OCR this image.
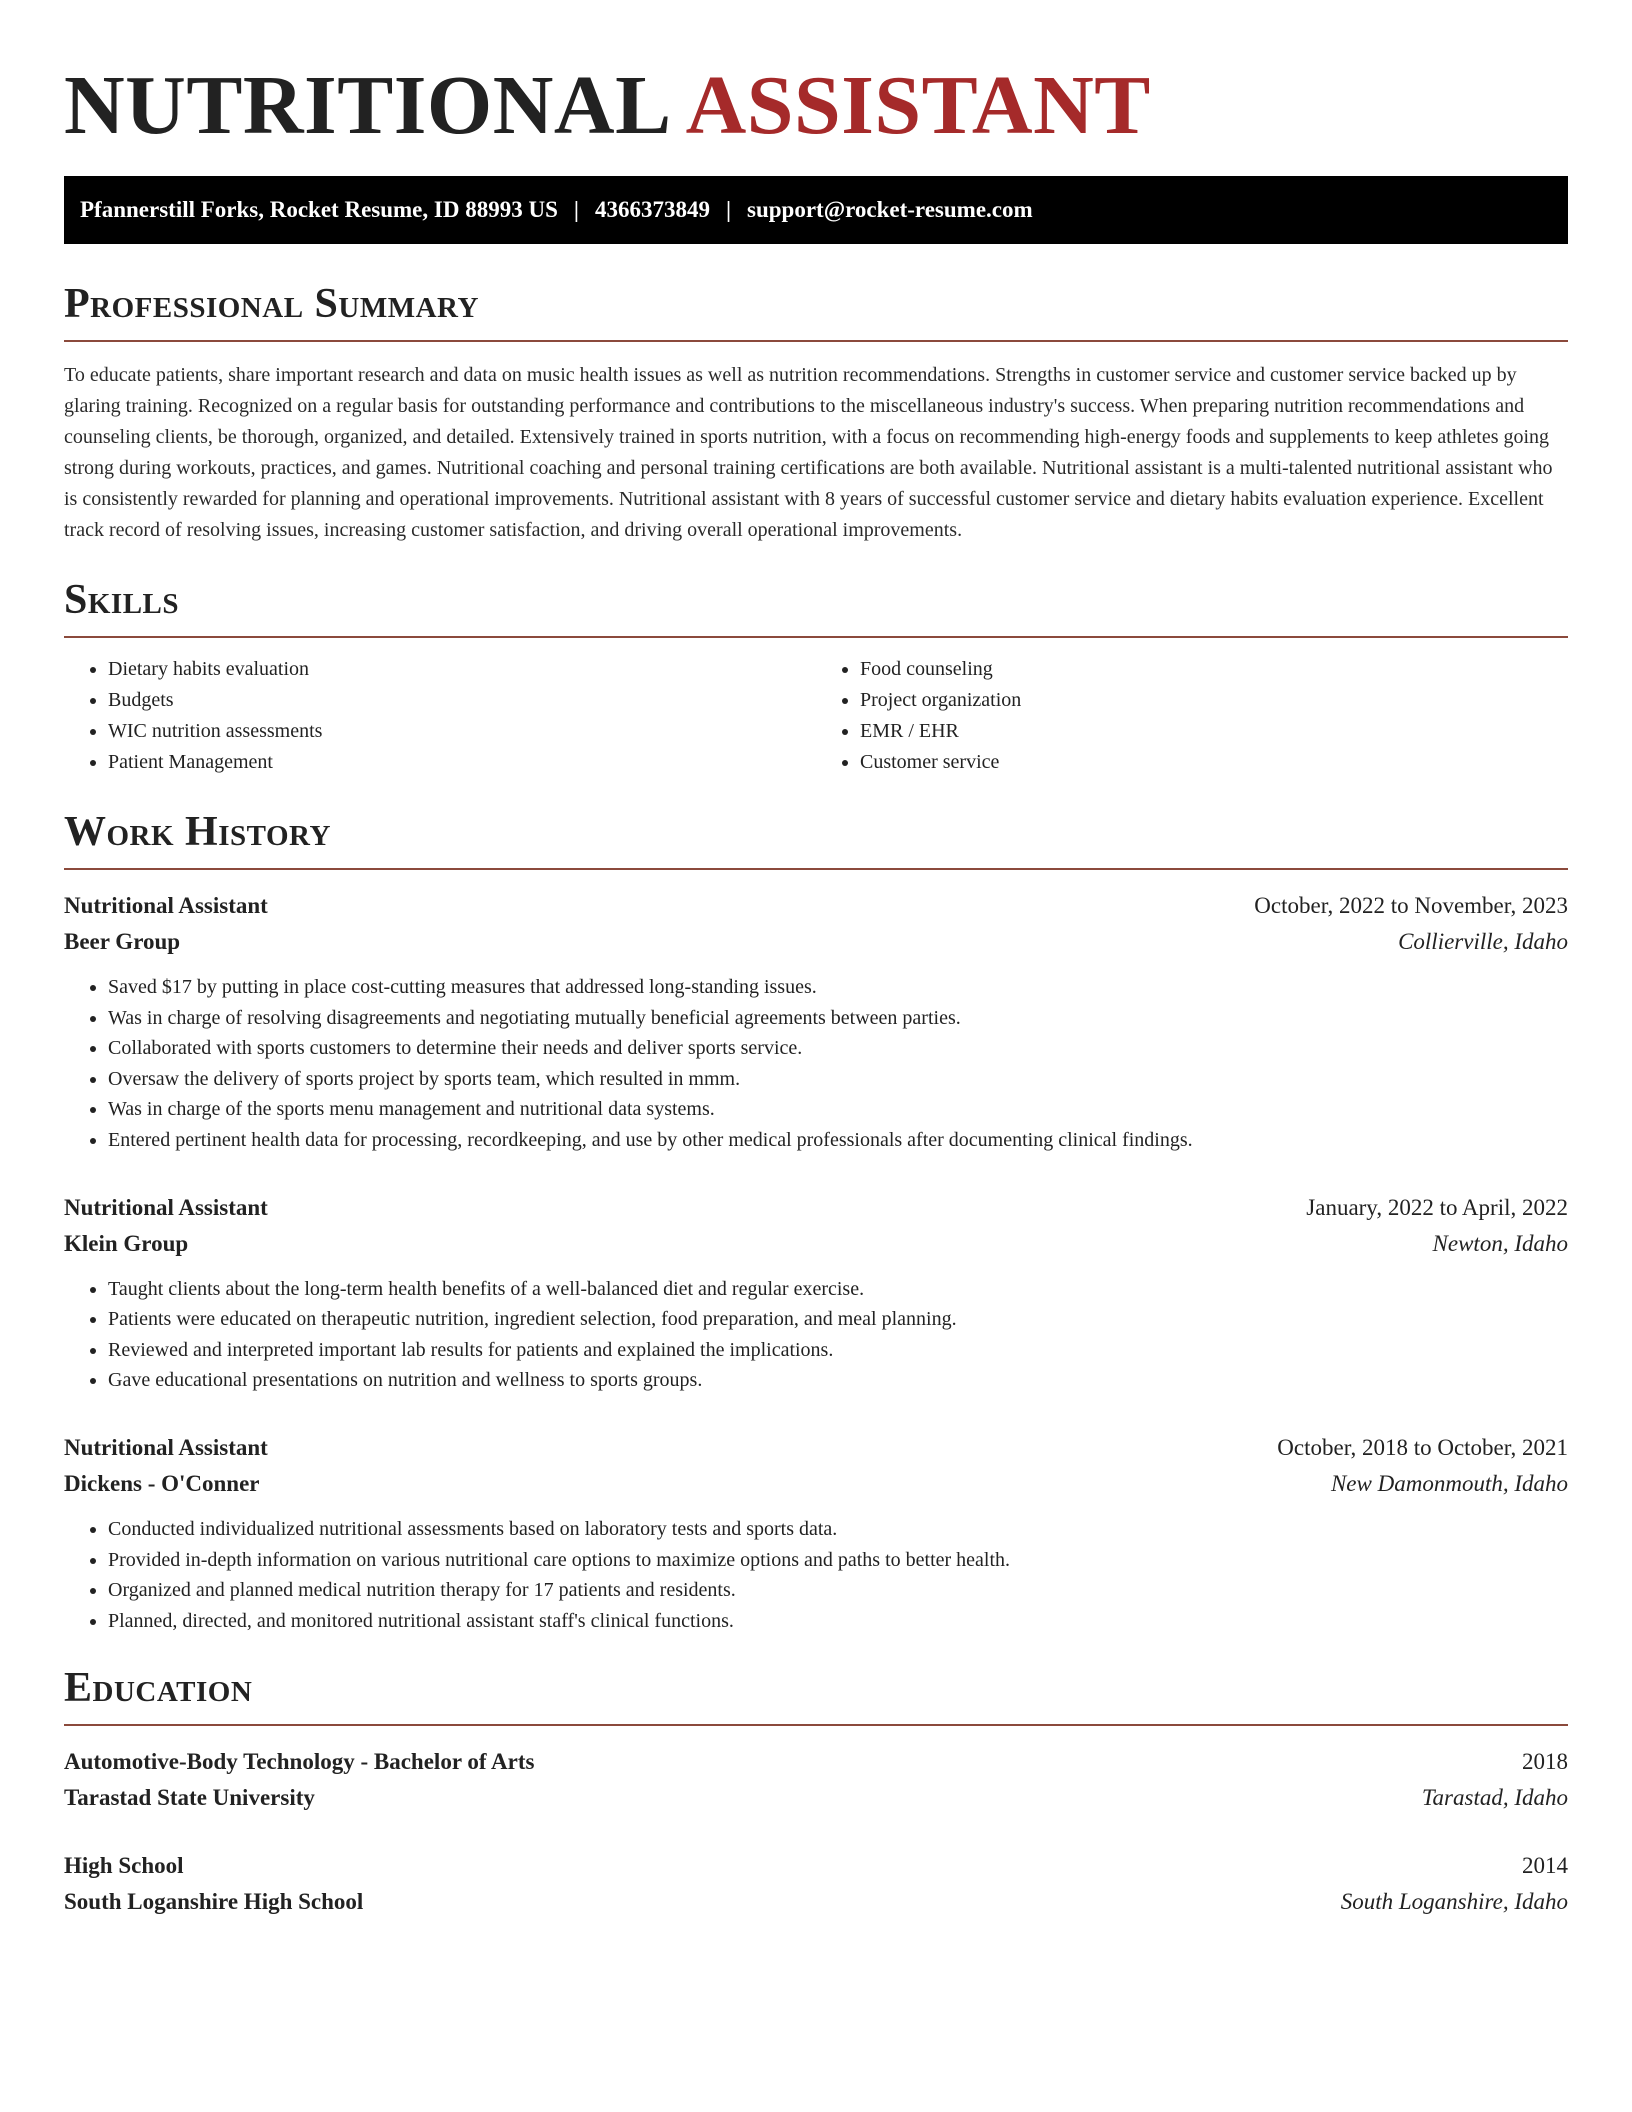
NUTRITIONAL ASSISTANT
Pfannerstill Forks, Rocket Resume, ID 88993 US | 4366373849 | support@rocket-resume.com
Professional Summary

To educate patients, share important research and data on music health issues as well as nutrition recommendations. Strengths in customer service and customer service backed up by glaring training. Recognized on a regular basis for outstanding performance and contributions to the miscellaneous industry's success. When preparing nutrition recommendations and counseling clients, be thorough, organized, and detailed. Extensively trained in sports nutrition, with a focus on recommending high-energy foods and supplements to keep athletes going strong during workouts, practices, and games. Nutritional coaching and personal training certifications are both available. Nutritional assistant is a multi-talented nutritional assistant who is consistently rewarded for planning and operational improvements. Nutritional assistant with 8 years of successful customer service and dietary habits evaluation experience. Excellent track record of resolving issues, increasing customer satisfaction, and driving overall operational improvements.

Skills
• Dietary habits evaluation
• Budgets
• WIC nutrition assessments
• Patient Management
• Food counseling
• Project organization
• EMR / EHR
• Customer service
Work History
Nutritional Assistant	October, 2022 to November, 2023
Beer Group	Collierville, Idaho
• Saved $17 by putting in place cost-cutting measures that addressed long-standing issues.
• Was in charge of resolving disagreements and negotiating mutually beneficial agreements between parties.
• Collaborated with sports customers to determine their needs and deliver sports service.
• Oversaw the delivery of sports project by sports team, which resulted in mmm.
• Was in charge of the sports menu management and nutritional data systems.
• Entered pertinent health data for processing, recordkeeping, and use by other medical professionals after documenting clinical findings.
Nutritional Assistant	January, 2022 to April, 2022
Klein Group	Newton, Idaho
• Taught clients about the long-term health benefits of a well-balanced diet and regular exercise.
• Patients were educated on therapeutic nutrition, ingredient selection, food preparation, and meal planning.
• Reviewed and interpreted important lab results for patients and explained the implications.
• Gave educational presentations on nutrition and wellness to sports groups.
Nutritional Assistant	October, 2018 to October, 2021
Dickens - O'Conner	New Damonmouth, Idaho
• Conducted individualized nutritional assessments based on laboratory tests and sports data.
• Provided in-depth information on various nutritional care options to maximize options and paths to better health.
• Organized and planned medical nutrition therapy for 17 patients and residents.
• Planned, directed, and monitored nutritional assistant staff's clinical functions.
Education
Automotive-Body Technology - Bachelor of Arts	2018
Tarastad State University	Tarastad, Idaho
High School	2014
South Loganshire High School	South Loganshire, Idaho
